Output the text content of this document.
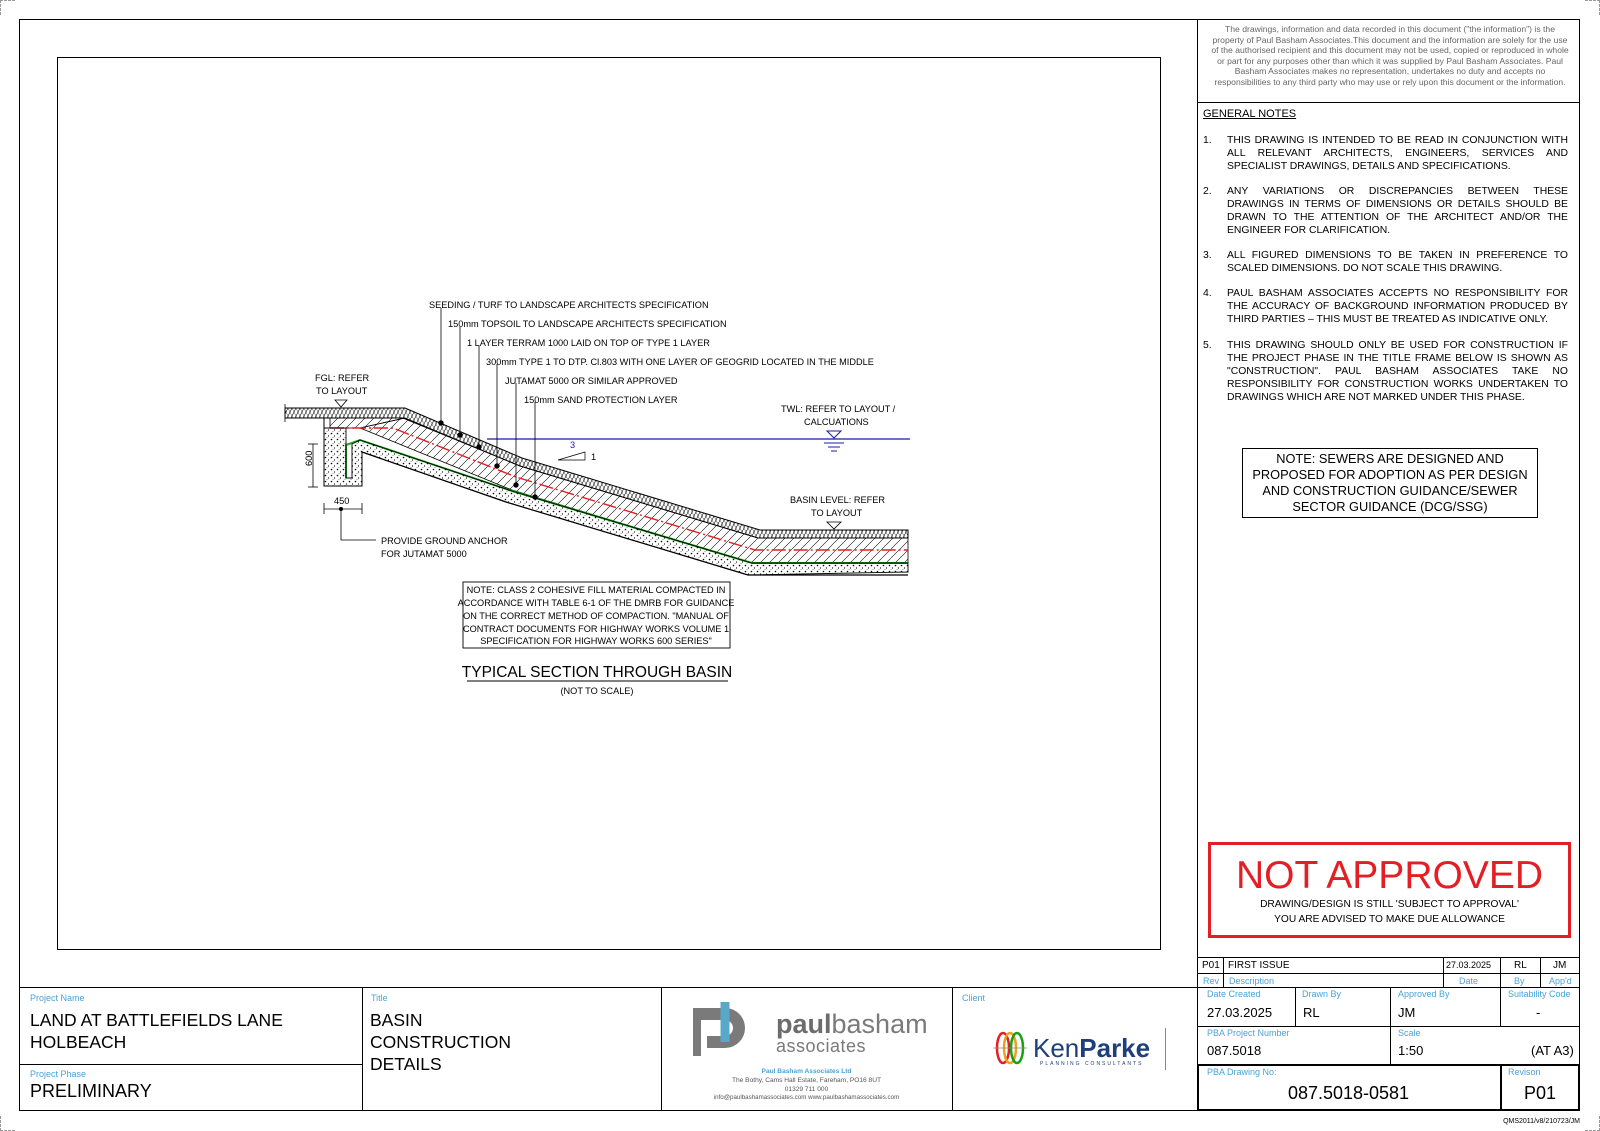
The drawings, information and data recorded in this document ("the information") is the property of Paul Basham Associates.This document and the information are solely for the use of the authorised recipient and this document may not be used, copied or reproduced in whole or part for any purposes other than which it was supplied by Paul Basham Associates. Paul Basham Associates makes no representation, undertakes no duty and accepts no responsibilities to any third party who may use or rely upon this document or the information.
GENERAL NOTES
1.	THIS DRAWING IS INTENDED TO BE READ IN CONJUNCTION WITH ALL RELEVANT ARCHITECTS, ENGINEERS, SERVICES AND SPECIALIST DRAWINGS, DETAILS AND SPECIFICATIONS.
2.	ANY VARIATIONS OR DISCREPANCIES BETWEEN THESE DRAWINGS IN TERMS OF DIMENSIONS OR DETAILS SHOULD BE DRAWN TO THE ATTENTION OF THE ARCHITECT AND/OR THE ENGINEER FOR CLARIFICATION.
3.	ALL FIGURED DIMENSIONS TO BE TAKEN IN PREFERENCE TO SCALED DIMENSIONS. DO NOT SCALE THIS DRAWING.
4.	PAUL BASHAM ASSOCIATES ACCEPTS NO RESPONSIBILITY FOR THE ACCURACY OF BACKGROUND INFORMATION PRODUCED BY THIRD PARTIES – THIS MUST BE TREATED AS INDICATIVE ONLY.
5.	THIS DRAWING SHOULD ONLY BE USED FOR CONSTRUCTION IF THE PROJECT PHASE IN THE TITLE FRAME BELOW IS SHOWN AS "CONSTRUCTION". PAUL BASHAM ASSOCIATES TAKE NO RESPONSIBILITY FOR CONSTRUCTION WORKS UNDERTAKEN TO DRAWINGS WHICH ARE NOT MARKED UNDER THIS PHASE.
NOTE: SEWERS ARE DESIGNED AND PROPOSED FOR ADOPTION AS PER DESIGN AND CONSTRUCTION GUIDANCE/SEWER SECTOR GUIDANCE (DCG/SSG)
NOT APPROVED
DRAWING/DESIGN IS STILL 'SUBJECT TO APPROVAL'
YOU ARE ADVISED TO MAKE DUE ALLOWANCE
P01 FIRST ISSUE	27.03.2025 RL	JM
Rev Description	Date	By	App'd
Project Name
LAND AT BATTLEFIELDS LANE
HOLBEACH
Project Phase
PRELIMINARY
Title
BASIN
CONSTRUCTION
DETAILS
paulbasham
associates
Paul Basham Associates Ltd
The Bothy, Cams Hall Estate, Fareham, PO16 8UT
01329 711 000
info@paulbashamassociates.com www.paulbashamassociates.com
Client
KenParke
PLANNING CONSULTANTS
Date Created
27.03.2025
Drawn By
RL
Approved By
JM
Suitability Code
-
PBA Project Number
087.5018
Scale
1:50	(AT A3)
PBA Drawing No:
087.5018-0581
Revison
P01
QMS2011/v8/210723/JM
3
1
600
450
SEEDING / TURF TO LANDSCAPE ARCHITECTS SPECIFICATION
150mm TOPSOIL TO LANDSCAPE ARCHITECTS SPECIFICATION
1 LAYER TERRAM 1000 LAID ON TOP OF TYPE 1 LAYER
300mm TYPE 1 TO DTP. Cl.803 WITH ONE LAYER OF GEOGRID LOCATED IN THE MIDDLE
JUTAMAT 5000 OR SIMILAR APPROVED
150mm SAND PROTECTION LAYER
FGL: REFER
TO LAYOUT
TWL: REFER TO LAYOUT /
CALCUATIONS
BASIN LEVEL: REFER
TO LAYOUT
PROVIDE GROUND ANCHOR
FOR JUTAMAT 5000
NOTE: CLASS 2 COHESIVE FILL MATERIAL COMPACTED IN
ACCORDANCE WITH TABLE 6-1 OF THE DMRB FOR GUIDANCE
ON THE CORRECT METHOD OF COMPACTION. "MANUAL OF
CONTRACT DOCUMENTS FOR HIGHWAY WORKS VOLUME 1
SPECIFICATION FOR HIGHWAY WORKS 600 SERIES"
TYPICAL SECTION THROUGH BASIN
(NOT TO SCALE)
